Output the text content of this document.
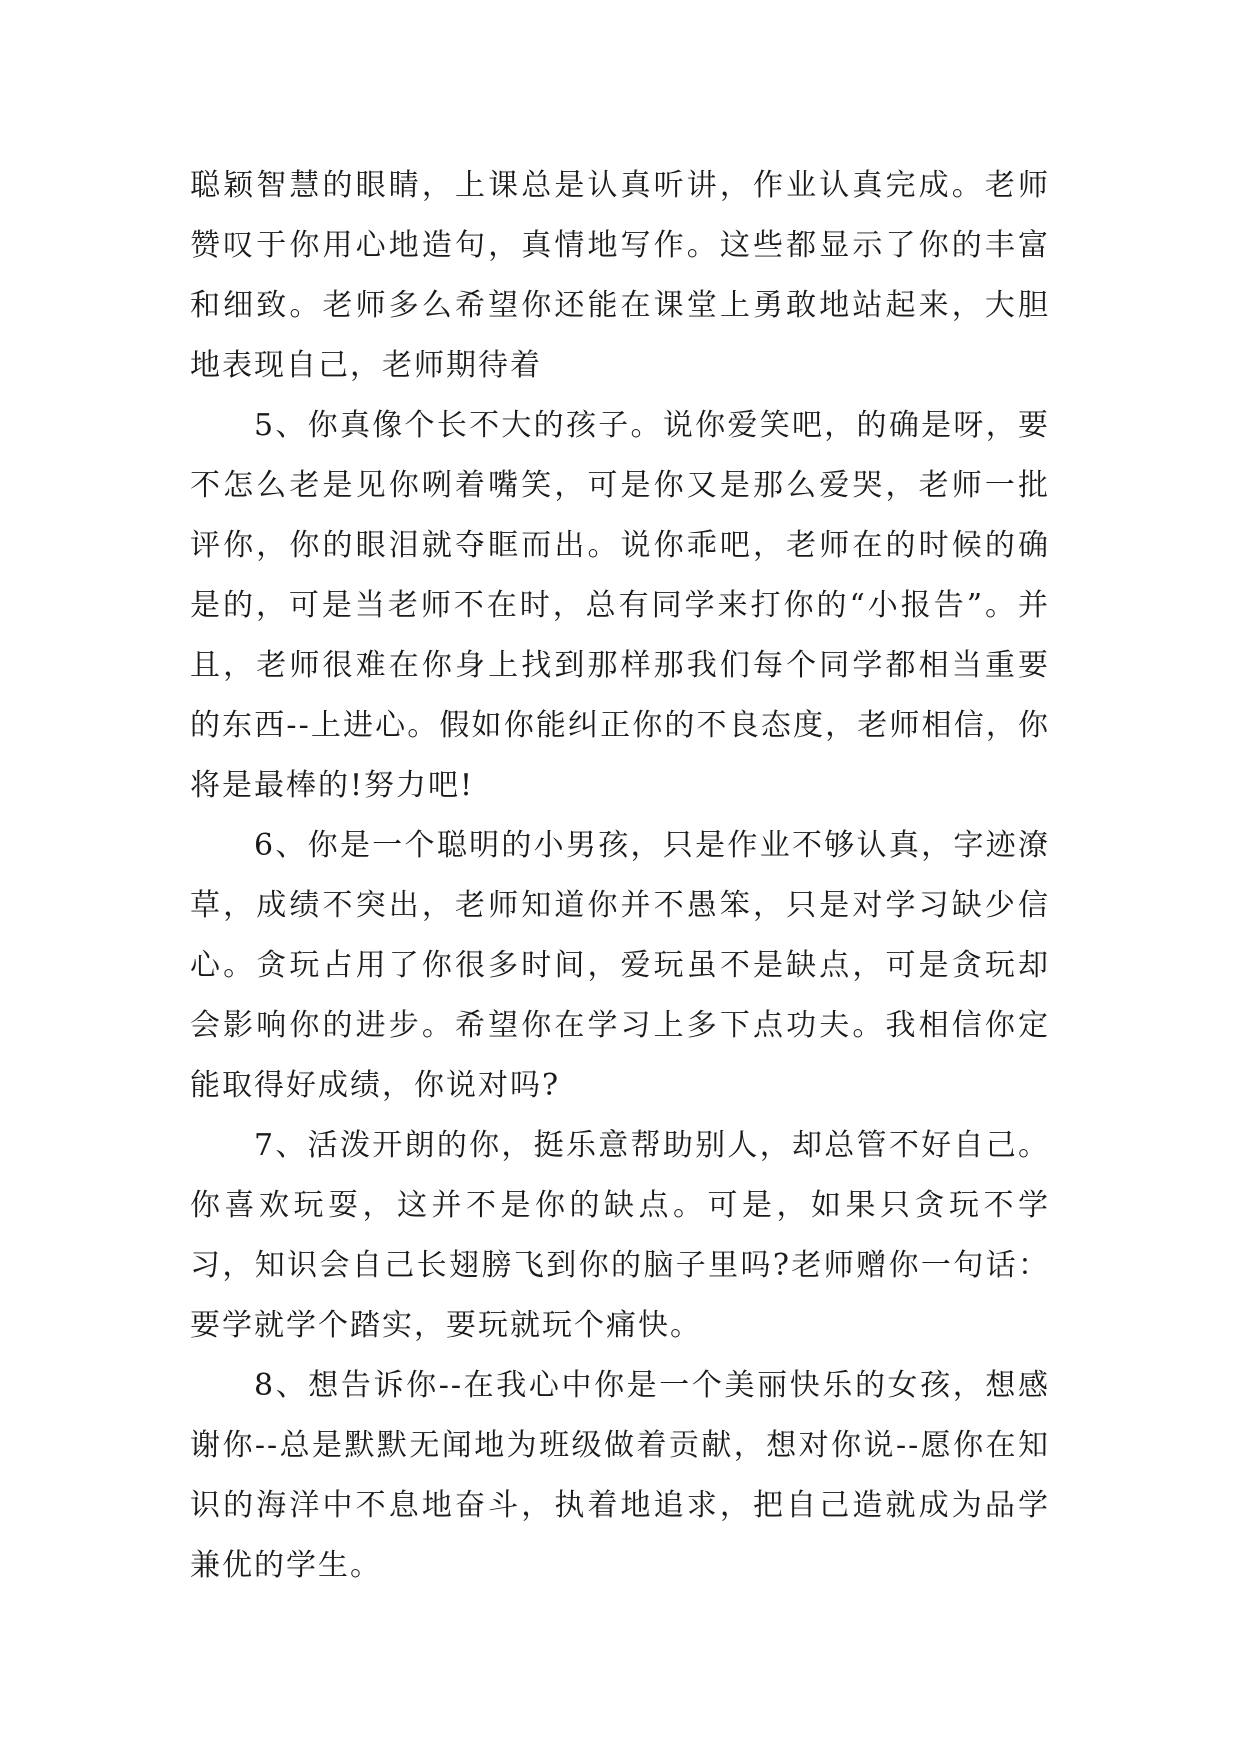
聪颖智慧的眼睛，上课总是认真听讲，作业认真完成。老师赞叹于你用心地造句，真情地写作。这些都显示了你的丰富和细致。老师多么希望你还能在课堂上勇敢地站起来，大胆地表现自己，老师期待着

5、你真像个长不大的孩子。说你爱笑吧，的确是呀，要不怎么老是见你咧着嘴笑，可是你又是那么爱哭，老师一批评你，你的眼泪就夺眶而出。说你乖吧，老师在的时候的确是的，可是当老师不在时，总有同学来打你的“小报告”。并且，老师很难在你身上找到那样那我们每个同学都相当重要的东西--上进心。假如你能纠正你的不良态度，老师相信，你将是最棒的!努力吧!

6、你是一个聪明的小男孩，只是作业不够认真，字迹潦草，成绩不突出，老师知道你并不愚笨，只是对学习缺少信心。贪玩占用了你很多时间，爱玩虽不是缺点，可是贪玩却会影响你的进步。希望你在学习上多下点功夫。我相信你定能取得好成绩，你说对吗?

7、活泼开朗的你，挺乐意帮助别人，却总管不好自己。你喜欢玩耍，这并不是你的缺点。可是，如果只贪玩不学习，知识会自己长翅膀飞到你的脑子里吗?老师赠你一句话：要学就学个踏实，要玩就玩个痛快。

8、想告诉你--在我心中你是一个美丽快乐的女孩，想感谢你--总是默默无闻地为班级做着贡献，想对你说--愿你在知识的海洋中不息地奋斗，执着地追求，把自己造就成为品学兼优的学生。
